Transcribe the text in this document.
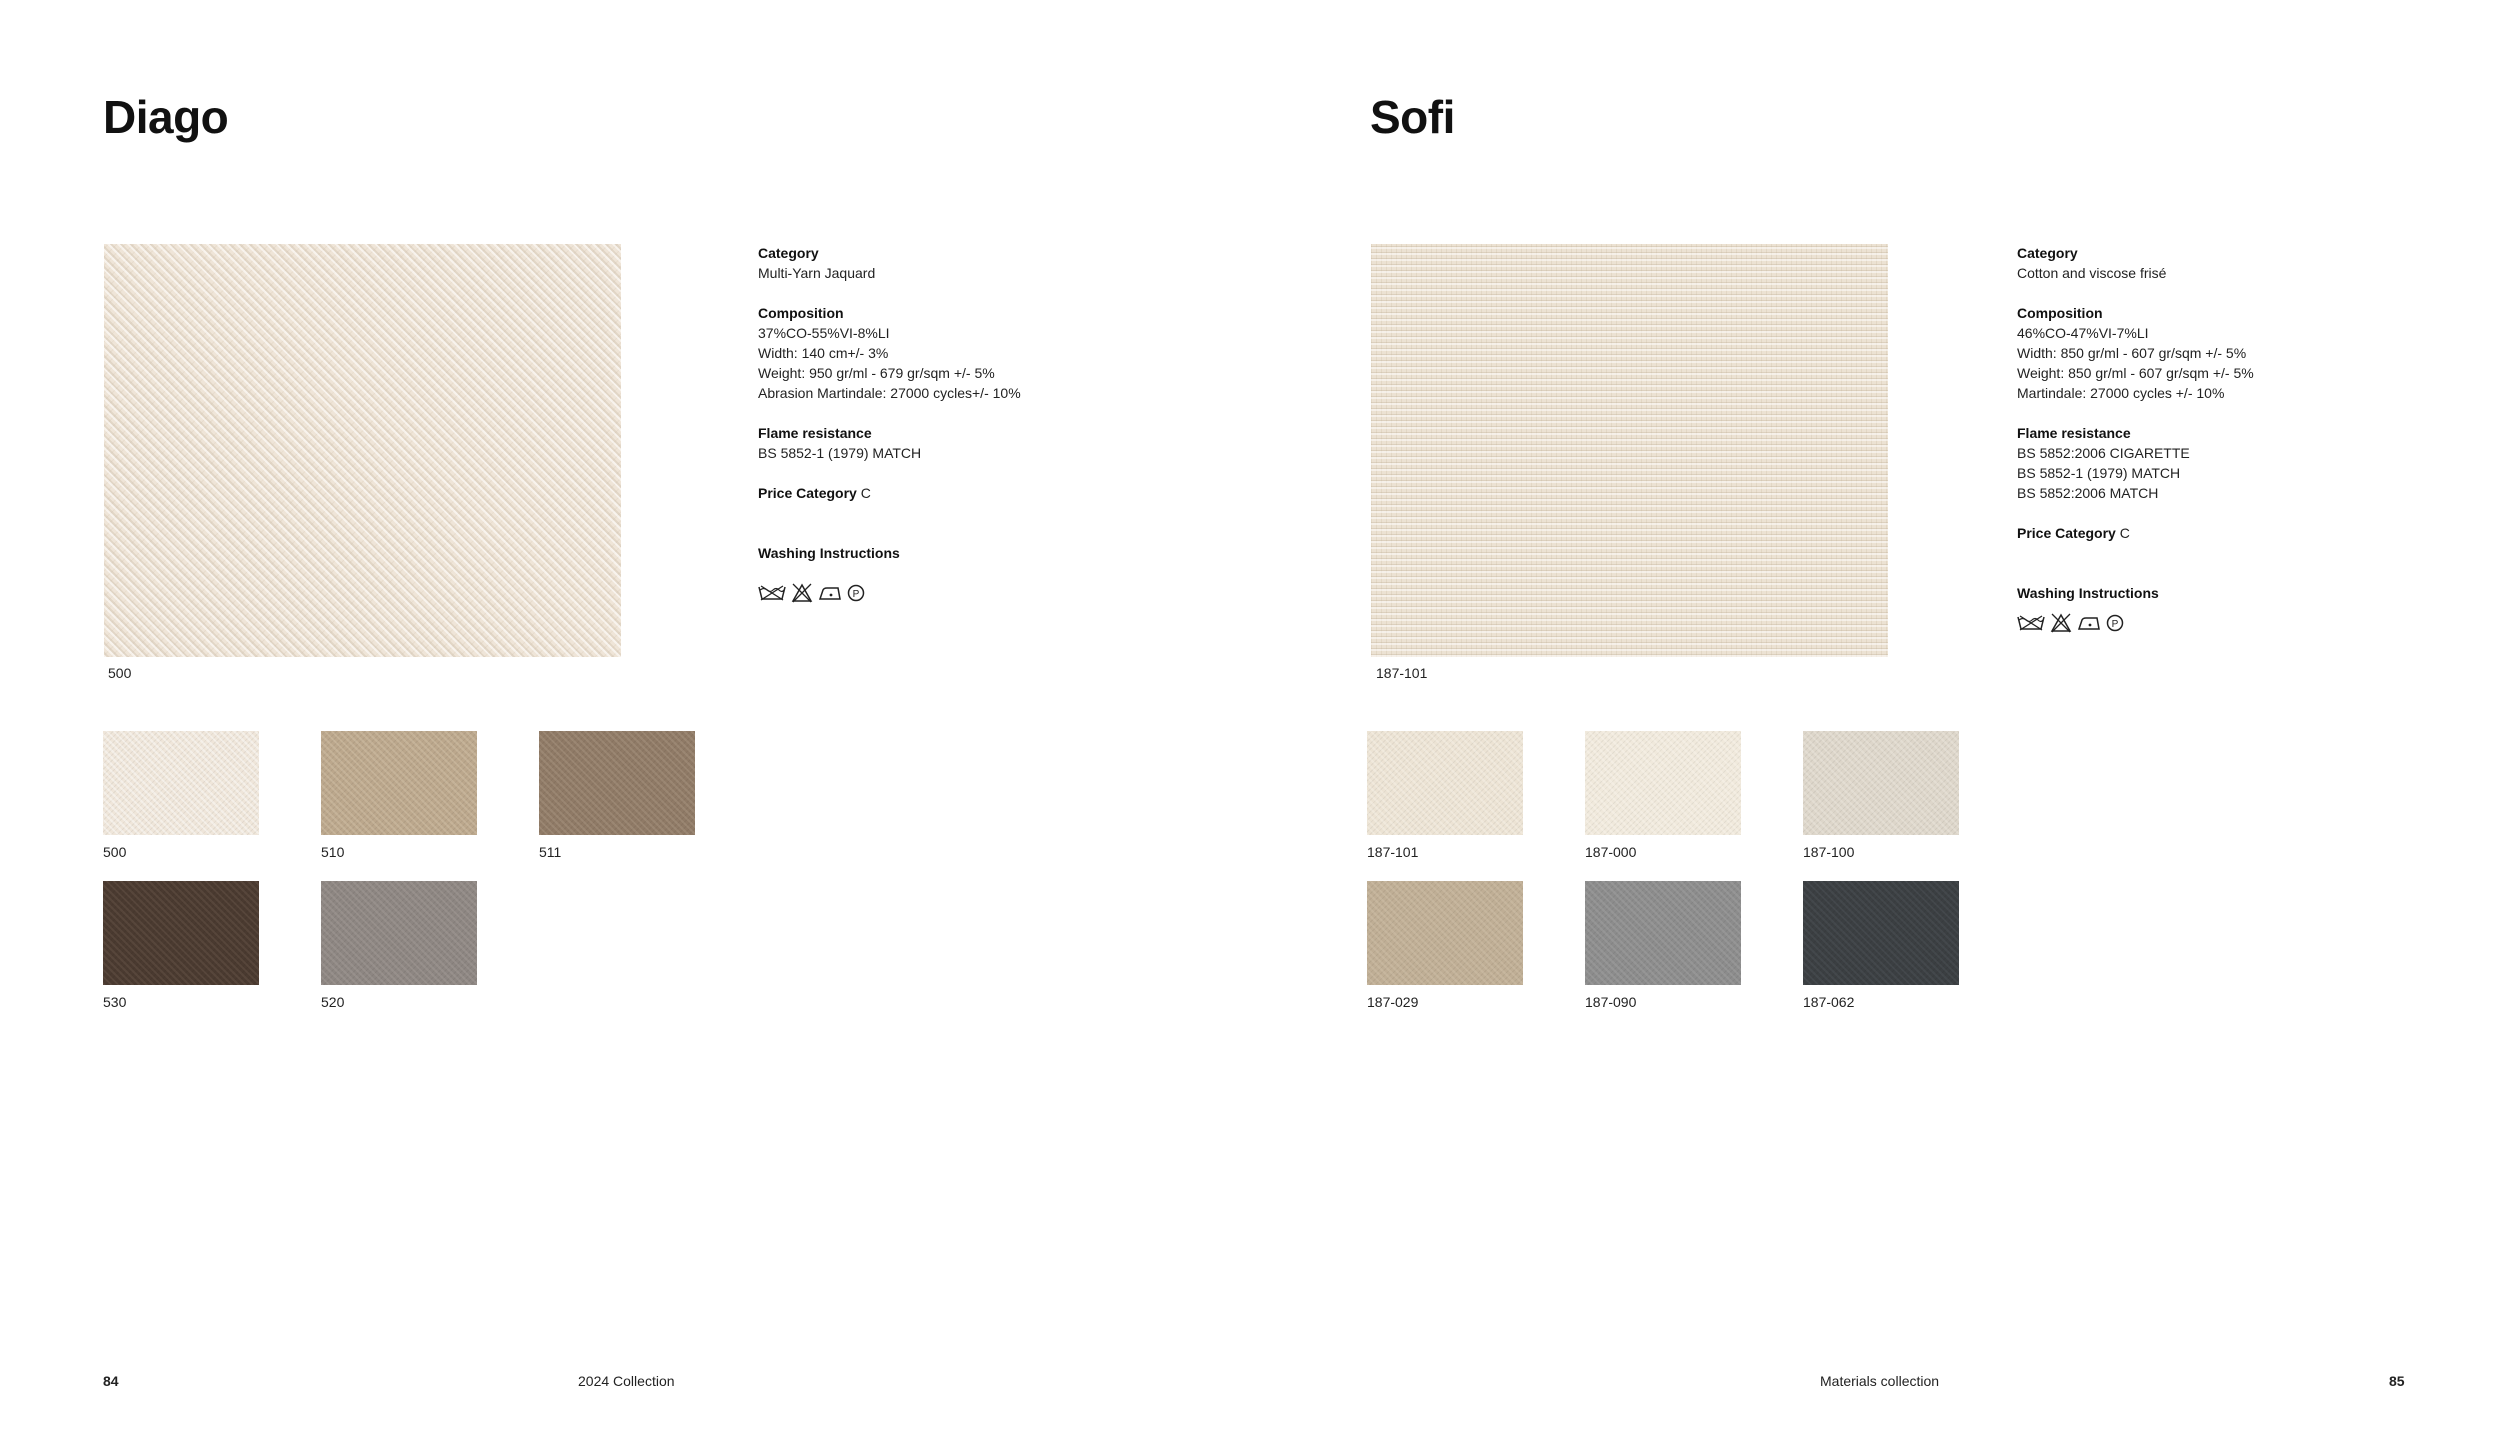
Diago
500
Category
Multi-Yarn Jaquard
Composition
37%CO-55%VI-8%LI
Width: 140 cm+/- 3%
Weight: 950 gr/ml - 679 gr/sqm +/- 5%
Abrasion Martindale: 27000 cycles+/- 10%
Flame resistance
BS 5852-1 (1979) MATCH
Price Category C
Washing Instructions
P
500	510	511
530	520
84	2024 Collection
Sofi
187-101
Category
Cotton and viscose frisé
Composition
46%CO-47%VI-7%LI
Width: 850 gr/ml - 607 gr/sqm +/- 5%
Weight: 850 gr/ml - 607 gr/sqm +/- 5%
Martindale: 27000 cycles +/- 10%
Flame resistance
BS 5852:2006 CIGARETTE
BS 5852-1 (1979) MATCH
BS 5852:2006 MATCH
Price Category C
Washing Instructions
P
187-101	187-000	187-100
187-029	187-090	187-062
Materials collection	85
